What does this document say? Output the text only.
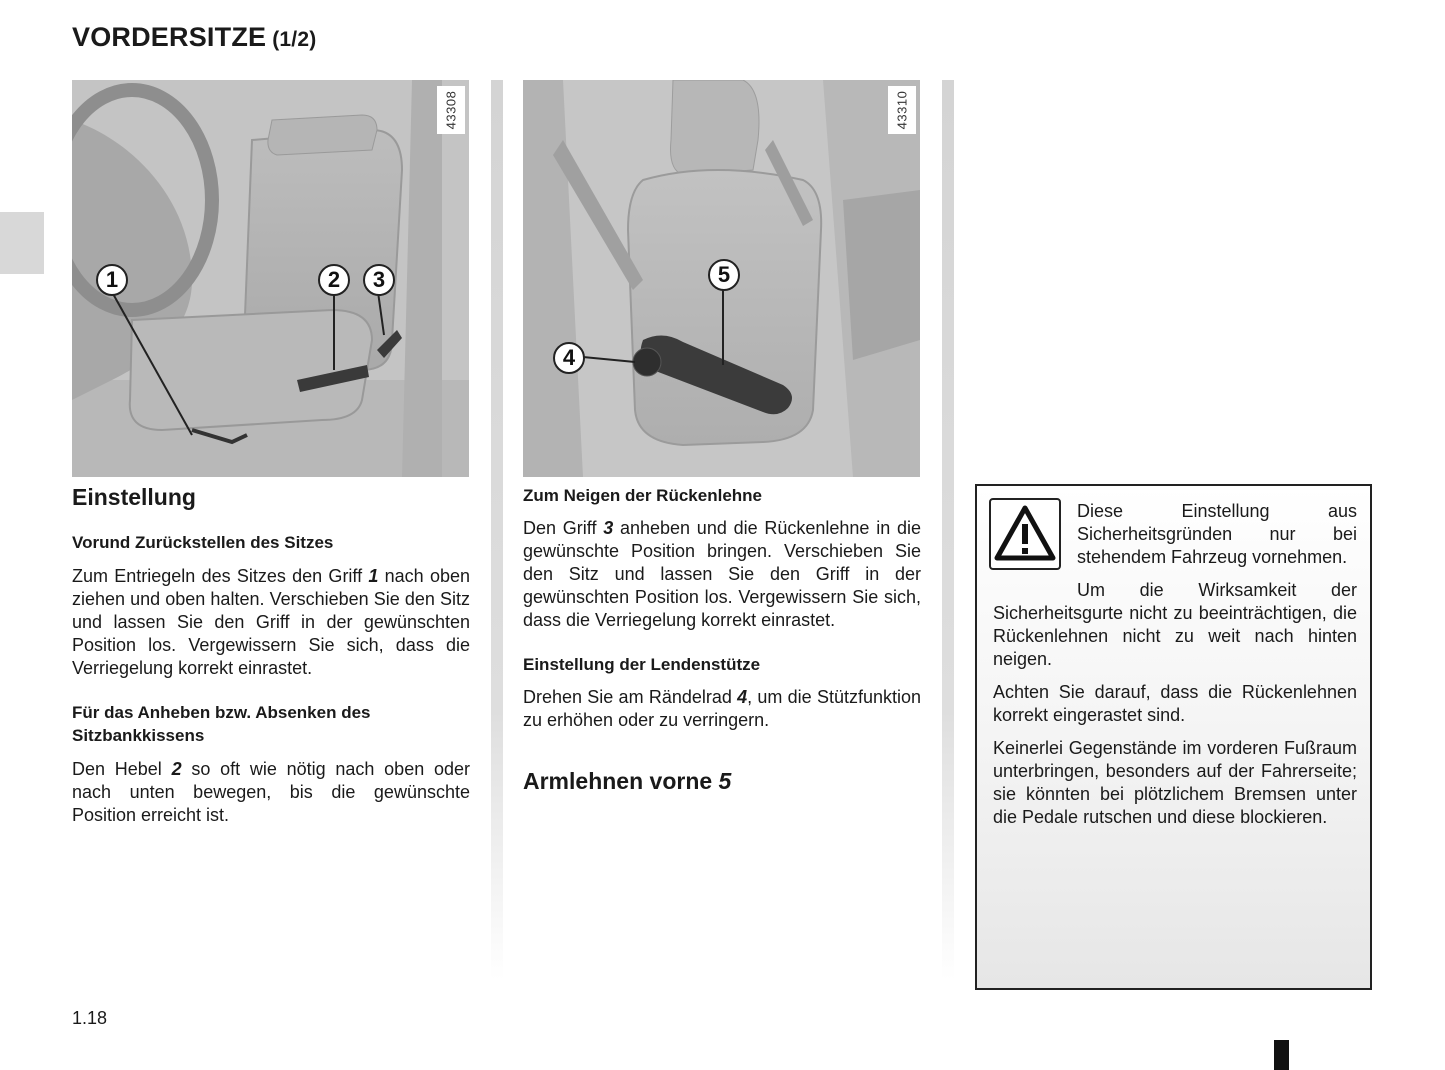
VORDERSITZE (1/2)
43308
1	2	3
43310
4
5
Einstellung
Vorund Zurückstellen des Sitzes

Zum Entriegeln des Sitzes den Griff 1 nach oben ziehen und oben halten. Verschieben Sie den Sitz und lassen Sie den Griff in der gewünschten Position los. Vergewissern Sie sich, dass die Verriegelung korrekt einrastet.

Für das Anheben bzw. Absenken des Sitzbankkissens

Den Hebel 2 so oft wie nötig nach oben oder nach unten bewegen, bis die gewünschte Position erreicht ist.

Zum Neigen der Rückenlehne

Den Griff 3 anheben und die Rückenlehne in die gewünschte Position bringen. Verschieben Sie den Sitz und lassen Sie den Griff in der gewünschten Position los. Vergewissern Sie sich, dass die Verriegelung korrekt einrastet.

Einstellung der Lendenstütze

Drehen Sie am Rändelrad 4, um die Stützfunktion zu erhöhen oder zu verringern.

Armlehnen vorne 5

Diese Einstellung aus Sicherheitsgründen nur bei stehendem Fahrzeug vornehmen.

Um die Wirksamkeit der Sicherheitsgurte nicht zu beeinträchtigen, die Rückenlehnen nicht zu weit nach hinten neigen.

Achten Sie darauf, dass die Rückenlehnen korrekt eingerastet sind.

Keinerlei Gegenstände im vorderen Fußraum unterbringen, besonders auf der Fahrerseite; sie könnten bei plötzlichem Bremsen unter die Pedale rutschen und diese blockieren.

1.18
